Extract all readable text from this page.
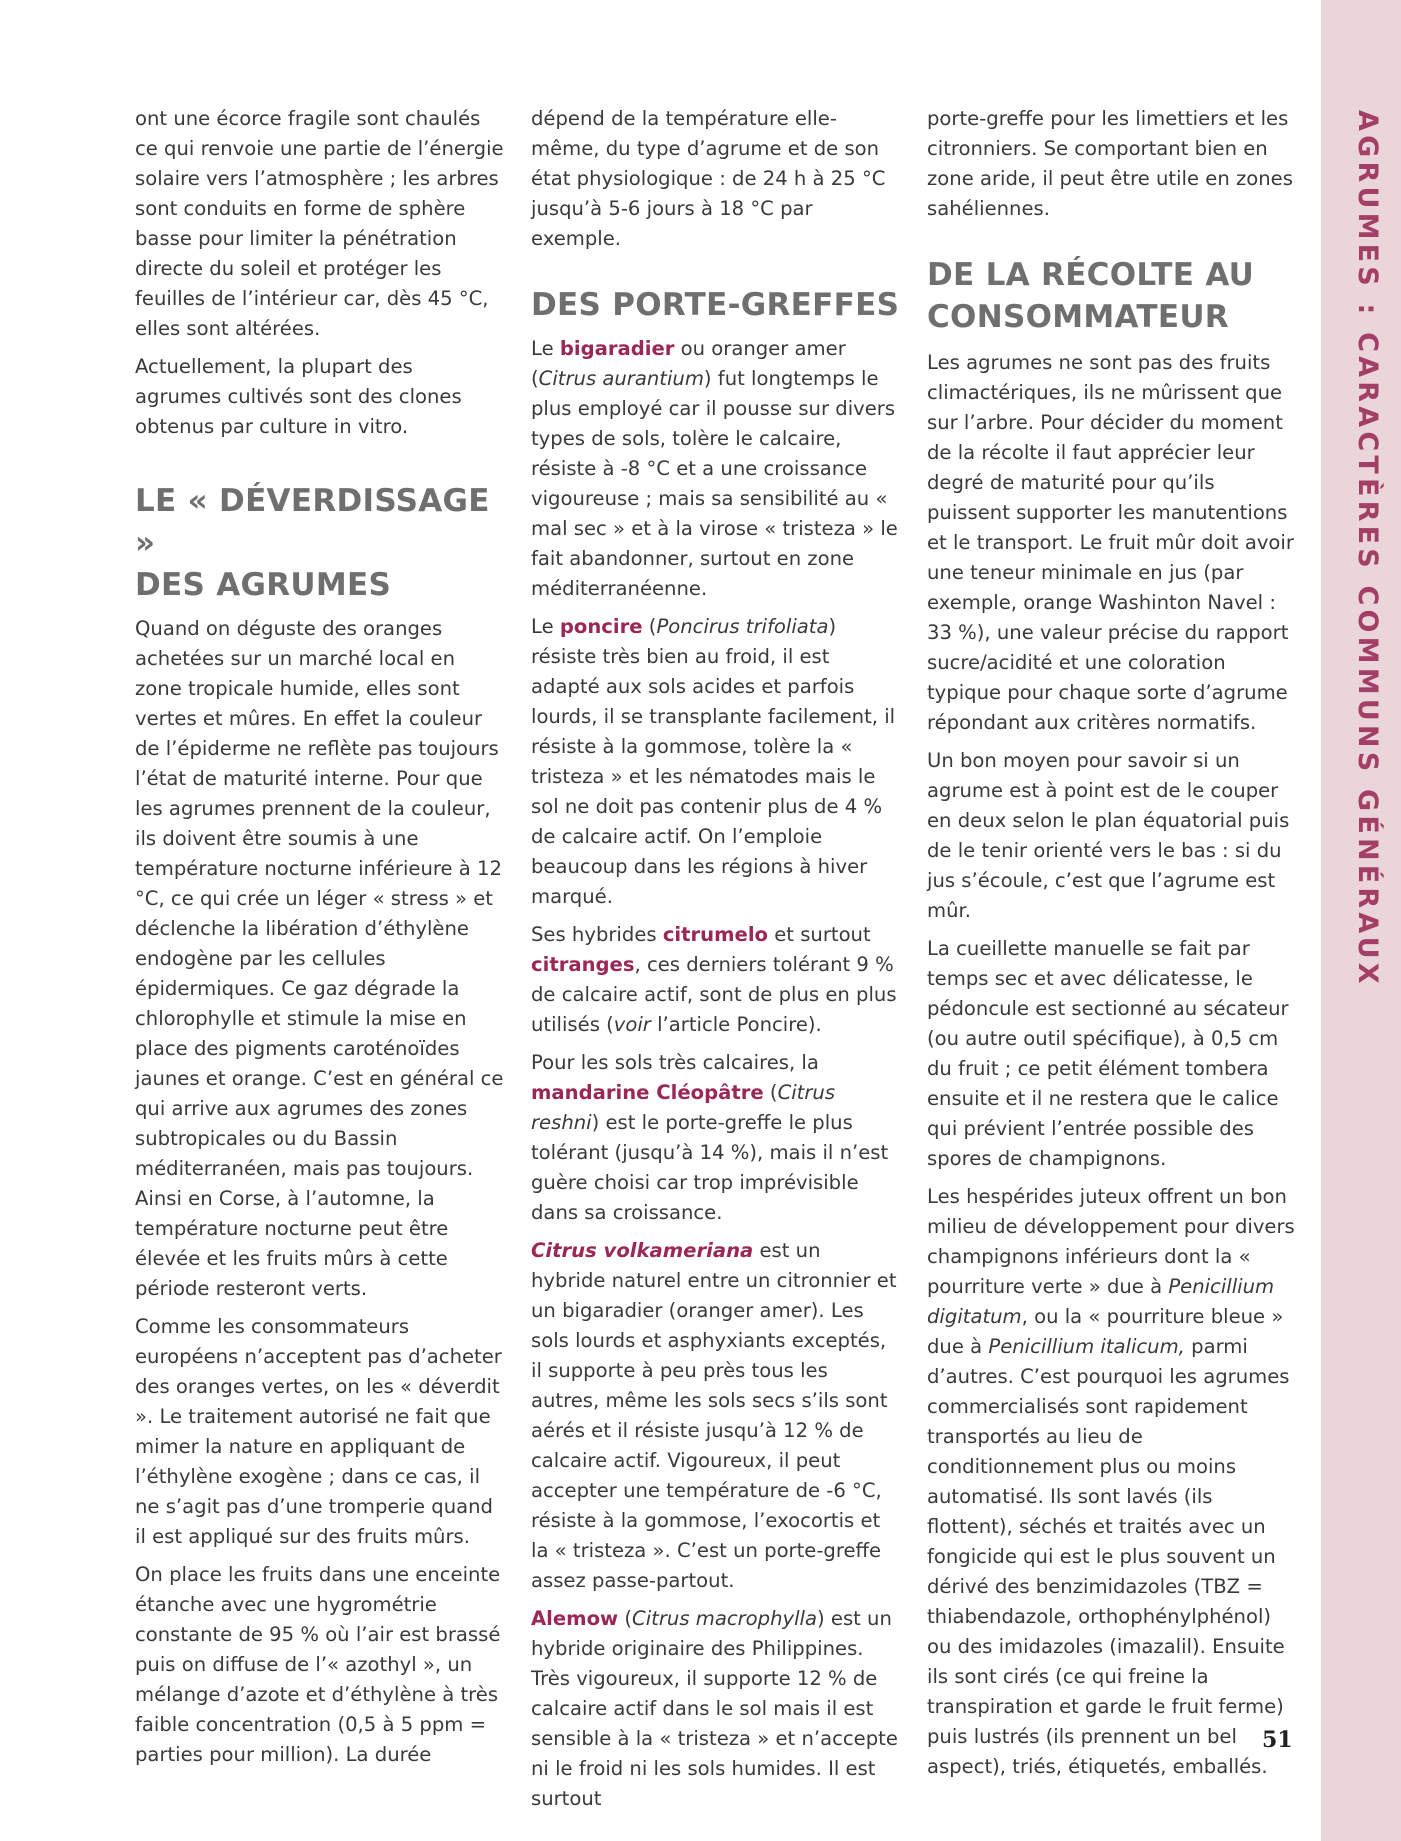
AGRUMES : CARACTÈRES COMMUNS GÉNÉRAUX

ont une écorce fragile sont chaulés ce qui renvoie une partie de l’énergie solaire vers l’atmosphère ; les arbres sont conduits en forme de sphère basse pour limiter la pénétration directe du soleil et protéger les feuilles de l’intérieur car, dès 45 °C, elles sont altérées.

Actuellement, la plupart des agrumes cultivés sont des clones obtenus par culture in vitro.

LE « DÉVERDISSAGE »
DES AGRUMES

Quand on déguste des oranges achetées sur un marché local en zone tropicale humide, elles sont vertes et mûres. En effet la couleur de l’épiderme ne reflète pas toujours l’état de maturité interne. Pour que les agrumes prennent de la couleur, ils doivent être soumis à une température nocturne inférieure à 12 °C, ce qui crée un léger « stress » et déclenche la libération d’éthylène endogène par les cellules épidermiques. Ce gaz dégrade la chlorophylle et stimule la mise en place des pigments caroténoïdes jaunes et orange. C’est en général ce qui arrive aux agrumes des zones subtropicales ou du Bassin méditerranéen, mais pas toujours. Ainsi en Corse, à l’automne, la température nocturne peut être élevée et les fruits mûrs à cette période resteront verts.

Comme les consommateurs européens n’acceptent pas d’acheter des oranges vertes, on les « déverdit ». Le traitement autorisé ne fait que mimer la nature en appliquant de l’éthylène exogène ; dans ce cas, il ne s’agit pas d’une tromperie quand il est appliqué sur des fruits mûrs.

On place les fruits dans une enceinte étanche avec une hygrométrie constante de 95 % où l’air est brassé puis on diffuse de l’« azothyl », un mélange d’azote et d’éthylène à très faible concentration (0,5 à 5 ppm = parties pour million). La durée

dépend de la température elle-même, du type d’agrume et de son état physiologique : de 24 h à 25 °C jusqu’à 5-6 jours à 18 °C par exemple.

DES PORTE-GREFFES

Le bigaradier ou oranger amer (Citrus aurantium) fut longtemps le plus employé car il pousse sur divers types de sols, tolère le calcaire, résiste à -8 °C et a une croissance vigoureuse ; mais sa sensibilité au « mal sec » et à la virose « tristeza » le fait abandonner, surtout en zone méditerranéenne.

Le poncire (Poncirus trifoliata) résiste très bien au froid, il est adapté aux sols acides et parfois lourds, il se transplante facilement, il résiste à la gommose, tolère la « tristeza » et les nématodes mais le sol ne doit pas contenir plus de 4 % de calcaire actif. On l’emploie beaucoup dans les régions à hiver marqué.

Ses hybrides citrumelo et surtout citranges, ces derniers tolérant 9 % de calcaire actif, sont de plus en plus utilisés (voir l’article Poncire).

Pour les sols très calcaires, la mandarine Cléopâtre (Citrus reshni) est le porte-greffe le plus tolérant (jusqu’à 14 %), mais il n’est guère choisi car trop imprévisible dans sa croissance.

Citrus volkameriana est un hybride naturel entre un citronnier et un bigaradier (oranger amer). Les sols lourds et asphyxiants exceptés, il supporte à peu près tous les autres, même les sols secs s’ils sont aérés et il résiste jusqu’à 12 % de calcaire actif. Vigoureux, il peut accepter une température de -6 °C, résiste à la gommose, l’exocortis et la « tristeza ». C’est un porte-greffe assez passe-partout.

Alemow (Citrus macrophylla) est un hybride originaire des Philippines. Très vigoureux, il supporte 12 % de calcaire actif dans le sol mais il est sensible à la « tristeza » et n’accepte ni le froid ni les sols humides. Il est surtout

porte-greffe pour les limettiers et les citronniers. Se comportant bien en zone aride, il peut être utile en zones sahéliennes.

DE LA RÉCOLTE AU
CONSOMMATEUR

Les agrumes ne sont pas des fruits climactériques, ils ne mûrissent que sur l’arbre. Pour décider du moment de la récolte il faut apprécier leur degré de maturité pour qu’ils puissent supporter les manutentions et le transport. Le fruit mûr doit avoir une teneur minimale en jus (par exemple, orange Washinton Navel : 33 %), une valeur précise du rapport sucre/acidité et une coloration typique pour chaque sorte d’agrume répondant aux critères normatifs.

Un bon moyen pour savoir si un agrume est à point est de le couper en deux selon le plan équatorial puis de le tenir orienté vers le bas : si du jus s’écoule, c’est que l’agrume est mûr.

La cueillette manuelle se fait par temps sec et avec délicatesse, le pédoncule est sectionné au sécateur (ou autre outil spécifique), à 0,5 cm du fruit ; ce petit élément tombera ensuite et il ne restera que le calice qui prévient l’entrée possible des spores de champignons.

Les hespérides juteux offrent un bon milieu de développement pour divers champignons inférieurs dont la « pourriture verte » due à Penicillium digitatum, ou la « pourriture bleue » due à Penicillium italicum, parmi d’autres. C’est pourquoi les agrumes commercialisés sont rapidement transportés au lieu de conditionnement plus ou moins automatisé. Ils sont lavés (ils flottent), séchés et traités avec un fongicide qui est le plus souvent un dérivé des benzimidazoles (TBZ = thiabendazole, orthophénylphénol) ou des imidazoles (imazalil). Ensuite ils sont cirés (ce qui freine la transpiration et garde le fruit ferme) puis lustrés (ils prennent un bel aspect), triés, étiquetés, emballés.

51
